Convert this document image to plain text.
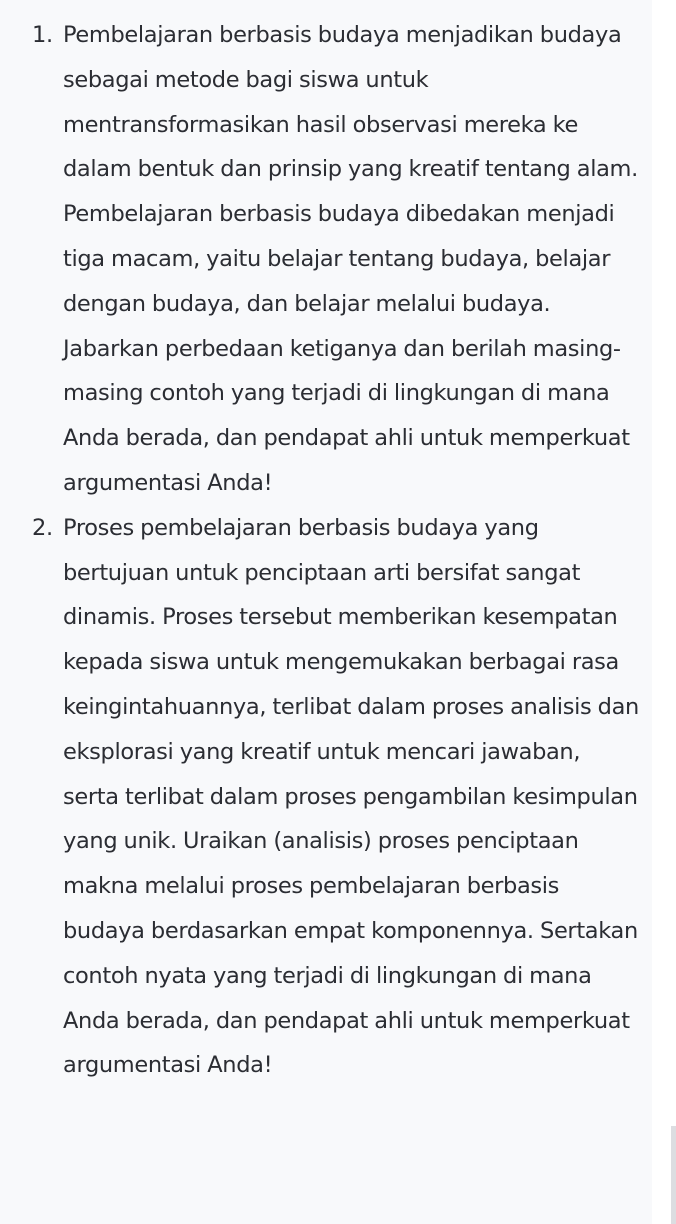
1. Pembelajaran berbasis budaya menjadikan budaya sebagai metode bagi siswa untuk mentransformasikan hasil observasi mereka ke dalam bentuk dan prinsip yang kreatif tentang alam. Pembelajaran berbasis budaya dibedakan menjadi tiga macam, yaitu belajar tentang budaya, belajar dengan budaya, dan belajar melalui budaya. Jabarkan perbedaan ketiganya dan berilah masing-masing contoh yang terjadi di lingkungan di mana Anda berada, dan pendapat ahli untuk memperkuat argumentasi Anda!
2. Proses pembelajaran berbasis budaya yang bertujuan untuk penciptaan arti bersifat sangat dinamis. Proses tersebut memberikan kesempatan kepada siswa untuk mengemukakan berbagai rasa keingintahuannya, terlibat dalam proses analisis dan eksplorasi yang kreatif untuk mencari jawaban, serta terlibat dalam proses pengambilan kesimpulan yang unik. Uraikan (analisis) proses penciptaan makna melalui proses pembelajaran berbasis budaya berdasarkan empat komponennya. Sertakan contoh nyata yang terjadi di lingkungan di mana Anda berada, dan pendapat ahli untuk memperkuat argumentasi Anda!
